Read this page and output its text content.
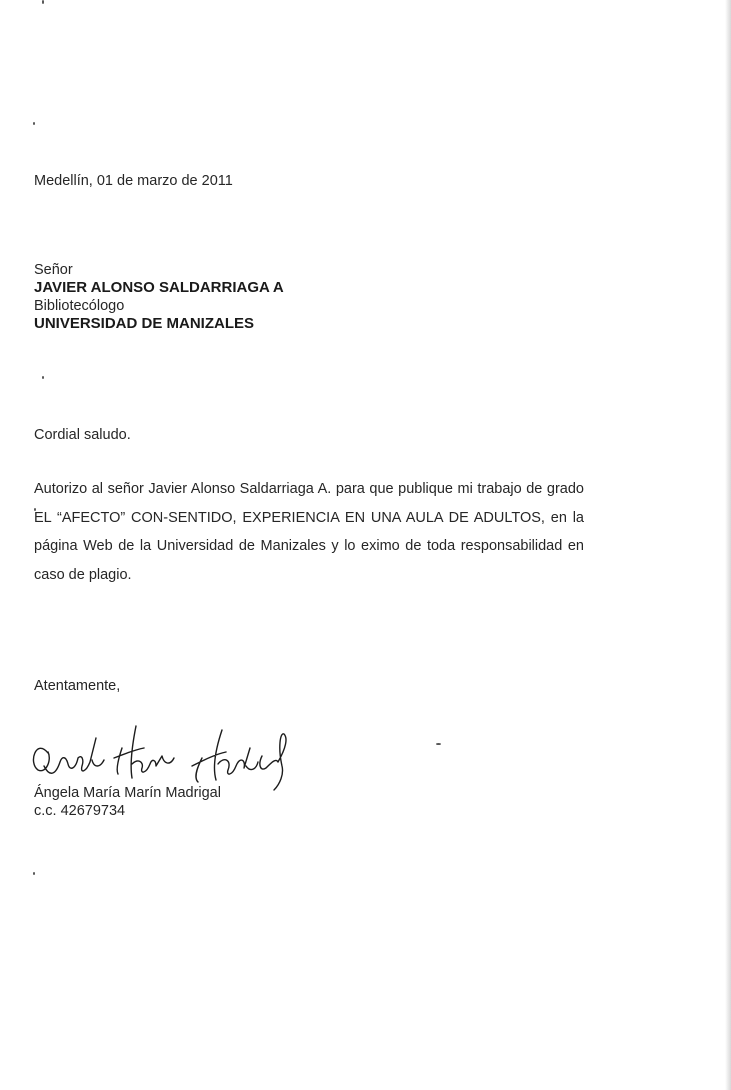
Medellín, 01 de marzo de 2011
Señor
JAVIER ALONSO SALDARRIAGA A
Bibliotecólogo
UNIVERSIDAD DE MANIZALES
Cordial saludo.

Autorizo al señor Javier Alonso Saldarriaga A. para que publique mi trabajo de grado EL “AFECTO” CON-SENTIDO, EXPERIENCIA EN UNA AULA DE ADULTOS, en la página Web de la Universidad de Manizales y lo eximo de toda responsabilidad en caso de plagio.

Atentamente,
Ángela María Marín Madrigal
c.c. 42679734
